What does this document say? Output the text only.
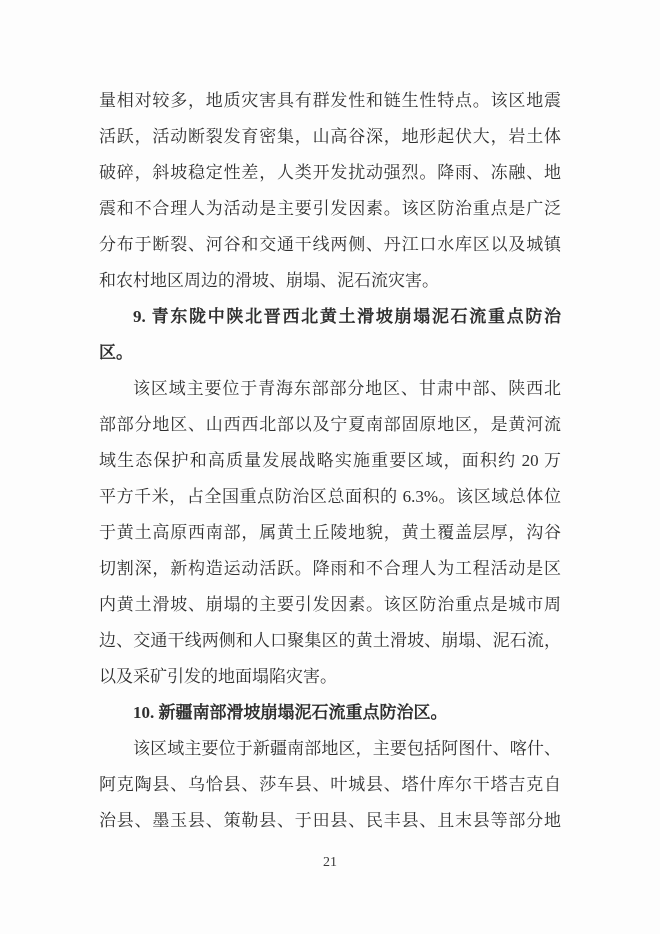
量相对较多，地质灾害具有群发性和链生性特点。该区地震
活跃，活动断裂发育密集，山高谷深，地形起伏大，岩土体
破碎，斜坡稳定性差，人类开发扰动强烈。降雨、冻融、地
震和不合理人为活动是主要引发因素。该区防治重点是广泛
分布于断裂、河谷和交通干线两侧、丹江口水库区以及城镇
和农村地区周边的滑坡、崩塌、泥石流灾害。
9. 青东陇中陕北晋西北黄土滑坡崩塌泥石流重点防治
区。
该区域主要位于青海东部部分地区、甘肃中部、陕西北
部部分地区、山西西北部以及宁夏南部固原地区，是黄河流
域生态保护和高质量发展战略实施重要区域，面积约 20 万
平方千米，占全国重点防治区总面积的 6.3%。该区域总体位
于黄土高原西南部，属黄土丘陵地貌，黄土覆盖层厚，沟谷
切割深，新构造运动活跃。降雨和不合理人为工程活动是区
内黄土滑坡、崩塌的主要引发因素。该区防治重点是城市周
边、交通干线两侧和人口聚集区的黄土滑坡、崩塌、泥石流，
以及采矿引发的地面塌陷灾害。
10. 新疆南部滑坡崩塌泥石流重点防治区。
该区域主要位于新疆南部地区，主要包括阿图什、喀什、
阿克陶县、乌恰县、莎车县、叶城县、塔什库尔干塔吉克自
治县、墨玉县、策勒县、于田县、民丰县、且末县等部分地
21
